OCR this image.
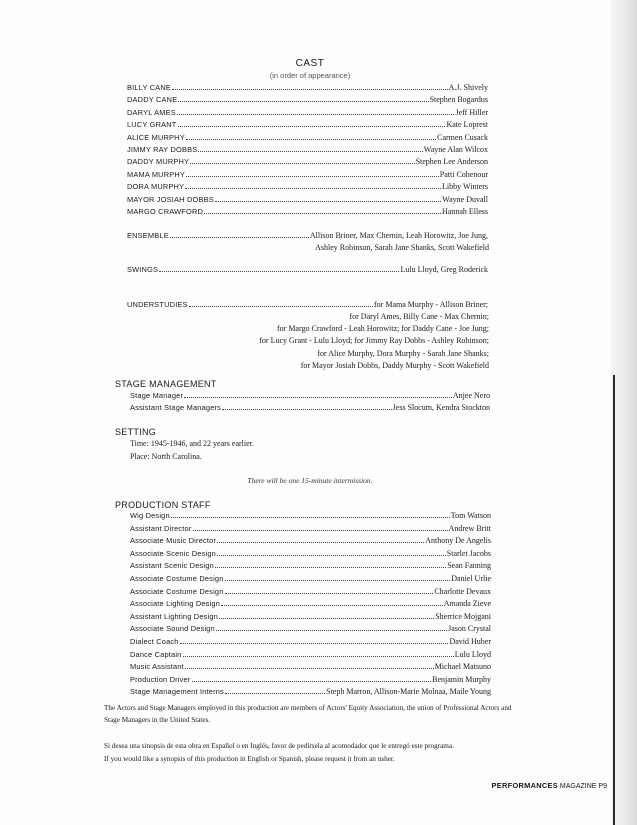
CAST
(in order of appearance)
BILLY CANE	A.J. Shively
DADDY CANE	Stephen Bogardus
DARYL AMES	Jeff Hiller
LUCY GRANT	Kate Loprest
ALICE MURPHY	Carmen Cusack
JIMMY RAY DOBBS	Wayne Alan Wilcox
DADDY MURPHY	Stephen Lee Anderson
MAMA MURPHY	Patti Cohenour
DORA MURPHY	Libby Winters
MAYOR JOSIAH DOBBS	Wayne Duvall
MARGO CRAWFORD	Hannah Elless
ENSEMBLE	Allison Briner, Max Chernin, Leah Horowitz, Joe Jung,
Ashley Robinson, Sarah Jane Shanks, Scott Wakefield
SWINGS	Lulu Lloyd, Greg Roderick
UNDERSTUDIES	for Mama Murphy - Allison Briner;
for Daryl Ames, Billy Cane - Max Chernin;
for Margo Crawford - Leah Horowitz; for Daddy Cane - Joe Jung;
for Lucy Grant - Lulu Lloyd; for Jimmy Ray Dobbs - Ashley Robinson;
for Alice Murphy, Dora Murphy - Sarah Jane Shanks;
for Mayor Josiah Dobbs, Daddy Murphy - Scott Wakefield
STAGE MANAGEMENT
Stage Manager	Anjee Nero
Assistant Stage Managers	Jess Slocum, Kendra Stockton
SETTING
Time: 1945-1946, and 22 years earlier.
Place: North Carolina.
There will be one 15-minute intermission.
PRODUCTION STAFF
Wig Design	Tom Watson
Assistant Director	Andrew Britt
Associate Music Director	Anthony De Angelis
Associate Scenic Design	Starlet Jacobs
Assistant Scenic Design	Sean Fanning
Associate Costume Design	Daniel Urlie
Associate Costume Design	Charlotte Devaux
Associate Lighting Design	Amanda Zieve
Assistant Lighting Design	Sherrice Mojgani
Associate Sound Design	Jason Crystal
Dialect Coach	David Huber
Dance Captain	Lulu Lloyd
Music Assistant	Michael Matsuno
Production Driver	Benjamin Murphy
Stage Management Interns	Steph Marron, Allison-Marie Molnaa, Maile Young
The Actors and Stage Managers employed in this production are members of Actors' Equity Association, the union of Professional Actors and Stage Managers in the United States.
Si desea una sinopsis de esta obra en Español o en Inglés, favor de pedírsela al acomodador que le entregó este programa.
If you would like a synopsis of this production in English or Spanish, please request it from an usher.
PERFORMANCES MAGAZINE P9
